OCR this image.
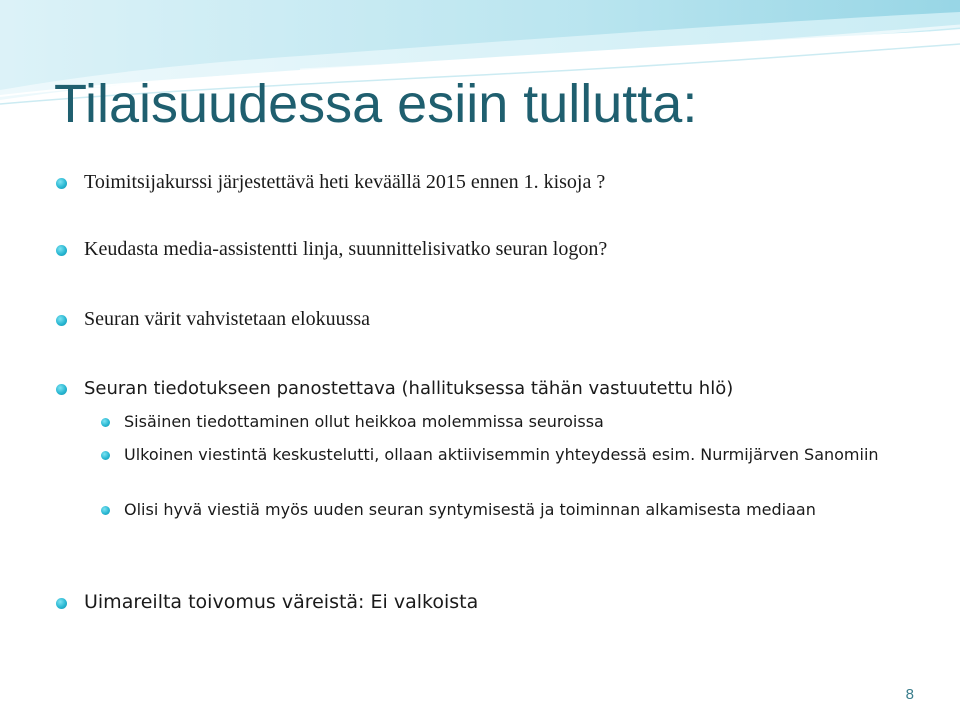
Tilaisuudessa esiin tullutta:
Toimitsijakurssi järjestettävä heti keväällä 2015 ennen 1. kisoja ?
Keudasta media-assistentti linja, suunnittelisivatko seuran logon?
Seuran värit vahvistetaan elokuussa
Seuran tiedotukseen panostettava (hallituksessa tähän vastuutettu hlö)
Sisäinen tiedottaminen ollut heikkoa molemmissa seuroissa
Ulkoinen viestintä keskustelutti, ollaan aktiivisemmin yhteydessä esim. Nurmijärven Sanomiin
Olisi hyvä viestiä myös uuden seuran syntymisestä ja toiminnan alkamisesta mediaan
Uimareilta toivomus väreistä: Ei valkoista
8
